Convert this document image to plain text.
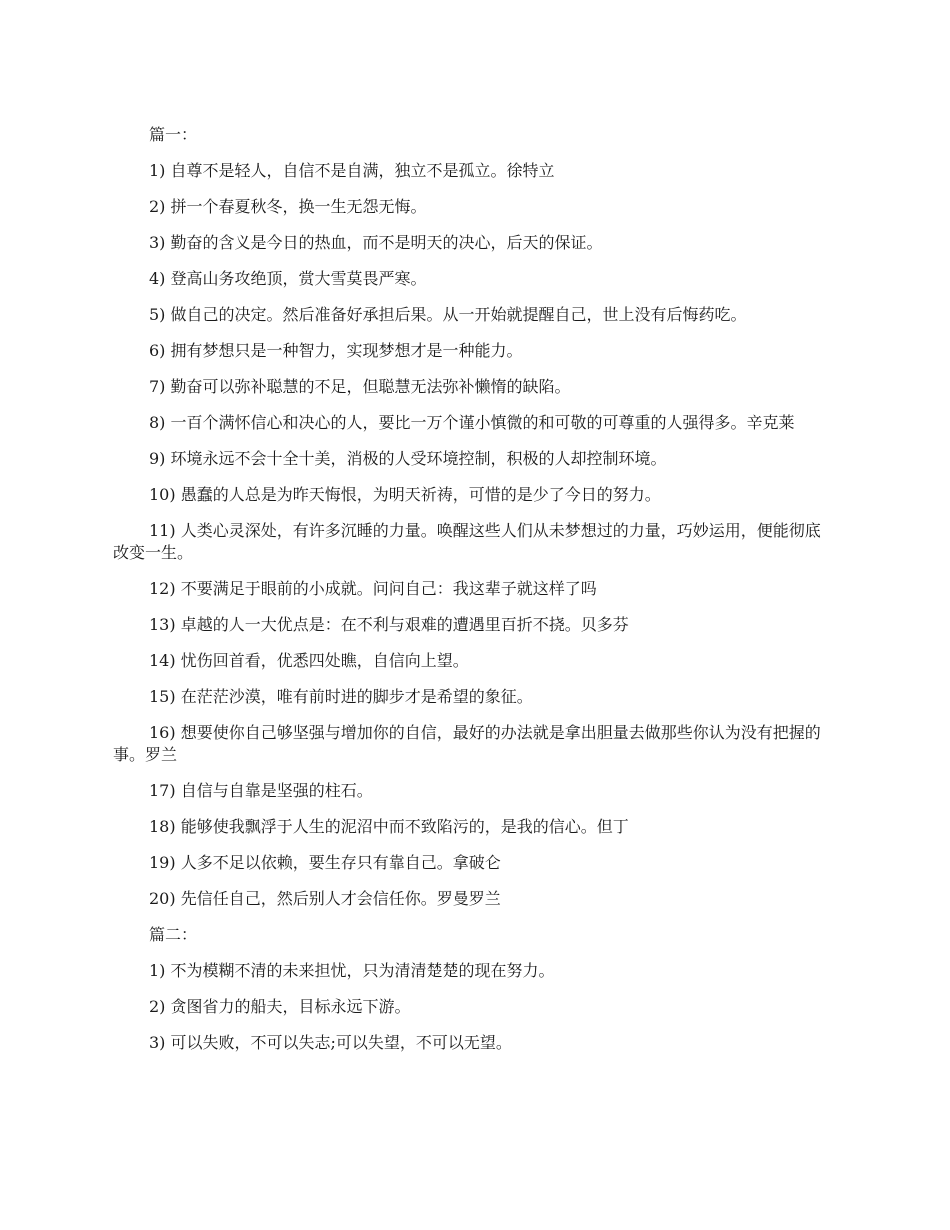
篇一：

1) 自尊不是轻人，自信不是自满，独立不是孤立。徐特立

2) 拼一个春夏秋冬，换一生无怨无悔。

3) 勤奋的含义是今日的热血，而不是明天的决心，后天的保证。

4) 登高山务攻绝顶，赏大雪莫畏严寒。

5) 做自己的决定。然后准备好承担后果。从一开始就提醒自己，世上没有后悔药吃。

6) 拥有梦想只是一种智力，实现梦想才是一种能力。

7) 勤奋可以弥补聪慧的不足，但聪慧无法弥补懒惰的缺陷。

8) 一百个满怀信心和决心的人，要比一万个谨小慎微的和可敬的可尊重的人强得多。辛克莱

9) 环境永远不会十全十美，消极的人受环境控制，积极的人却控制环境。

10) 愚蠢的人总是为昨天悔恨，为明天祈祷，可惜的是少了今日的努力。

11) 人类心灵深处，有许多沉睡的力量。唤醒这些人们从未梦想过的力量，巧妙运用，便能彻底改变一生。

12) 不要满足于眼前的小成就。问问自己：我这辈子就这样了吗

13) 卓越的人一大优点是：在不利与艰难的遭遇里百折不挠。贝多芬

14) 忧伤回首看，优悉四处瞧，自信向上望。

15) 在茫茫沙漠，唯有前时进的脚步才是希望的象征。

16) 想要使你自己够坚强与增加你的自信，最好的办法就是拿出胆量去做那些你认为没有把握的事。罗兰

17) 自信与自靠是坚强的柱石。

18) 能够使我飘浮于人生的泥沼中而不致陷污的，是我的信心。但丁

19) 人多不足以依赖，要生存只有靠自己。拿破仑

20) 先信任自己，然后别人才会信任你。罗曼罗兰

篇二：

1) 不为模糊不清的未来担忧，只为清清楚楚的现在努力。

2) 贪图省力的船夫，目标永远下游。

3) 可以失败，不可以失志;可以失望，不可以无望。
